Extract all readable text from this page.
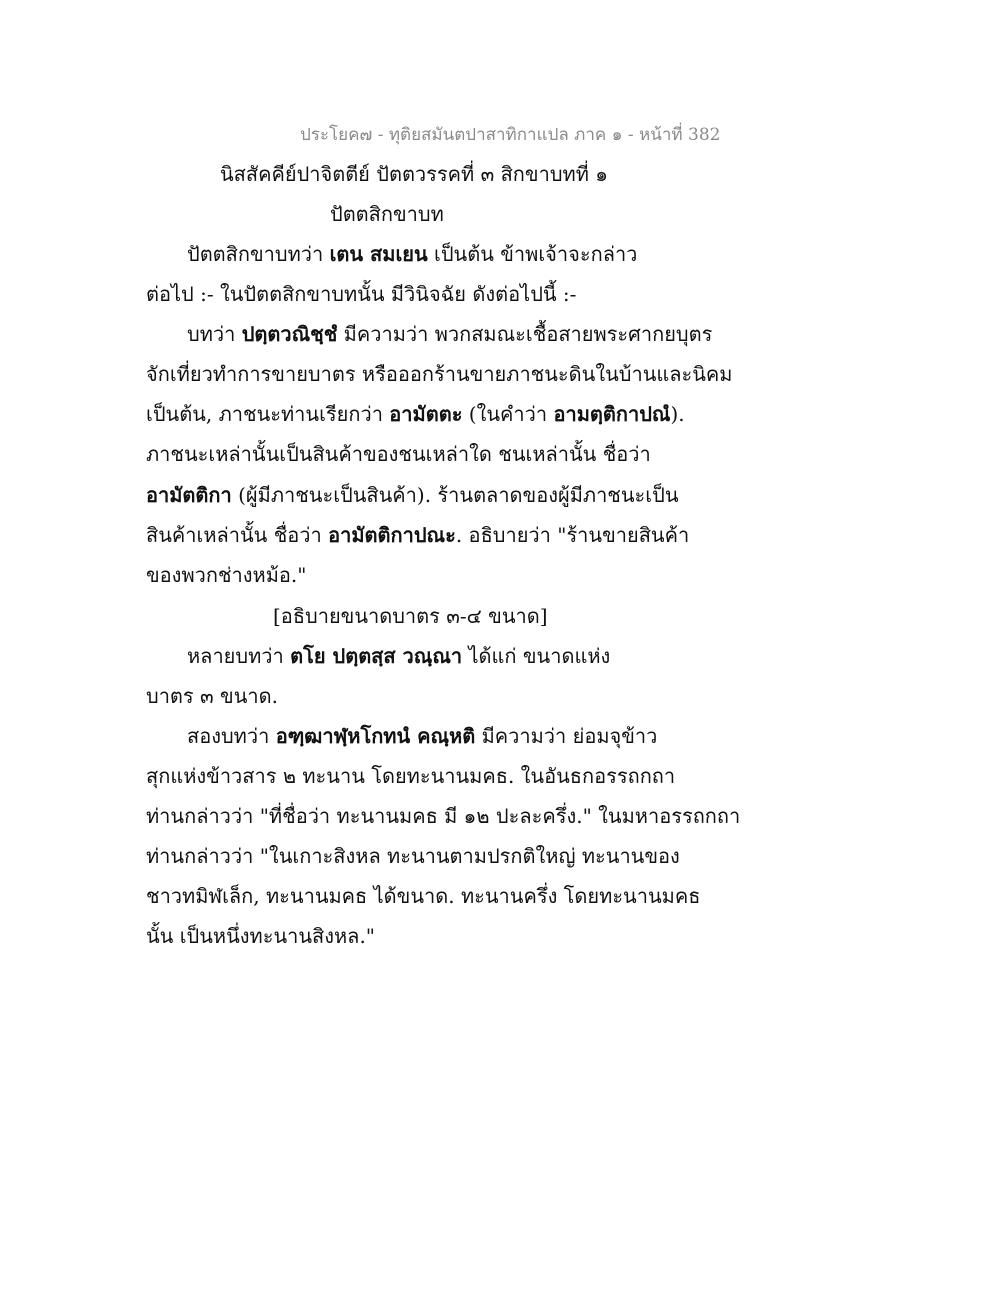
ประโยค๗ - ทุติยสมันตปาสาทิกาแปล ภาค ๑ - หน้าที่ 382
นิสสัคคีย์ปาจิตตีย์ ปัตตวรรคที่ ๓ สิกขาบทที่ ๑
ปัตตสิกขาบท
ปัตตสิกขาบทว่า เตน สมเยน เป็นต้น ข้าพเจ้าจะกล่าว
ต่อไป :- ในปัตตสิกขาบทนั้น มีวินิจฉัย ดังต่อไปนี้ :-
บทว่า ปตฺตวณิชฺชํ มีความว่า พวกสมณะเชื้อสายพระศากยบุตร
จักเที่ยวทำการขายบาตร หรือออกร้านขายภาชนะดินในบ้านและนิคม
เป็นต้น, ภาชนะท่านเรียกว่า อามัตตะ (ในคำว่า อามตฺติกาปณํ).
ภาชนะเหล่านั้นเป็นสินค้าของชนเหล่าใด ชนเหล่านั้น ชื่อว่า
อามัตติกา (ผู้มีภาชนะเป็นสินค้า). ร้านตลาดของผู้มีภาชนะเป็น
สินค้าเหล่านั้น ชื่อว่า อามัตติกาปณะ. อธิบายว่า "ร้านขายสินค้า
ของพวกช่างหม้อ."
[อธิบายขนาดบาตร ๓-๔ ขนาด]
หลายบทว่า ตโย ปตฺตสฺส วณฺณา ได้แก่ ขนาดแห่ง
บาตร ๓ ขนาด.
สองบทว่า อฑฺฒาฬฺหโกทนํ คณฺหติ มีความว่า ย่อมจุข้าว
สุกแห่งข้าวสาร ๒ ทะนาน โดยทะนานมคธ. ในอันธกอรรถกถา
ท่านกล่าวว่า "ที่ชื่อว่า ทะนานมคธ มี ๑๒ ปะละครึ่ง." ในมหาอรรถกถา
ท่านกล่าวว่า "ในเกาะสิงหล ทะนานตามปรกติใหญ่ ทะนานของ
ชาวทมิฬเล็ก, ทะนานมคธ ได้ขนาด. ทะนานครึ่ง โดยทะนานมคธ
นั้น เป็นหนึ่งทะนานสิงหล."
